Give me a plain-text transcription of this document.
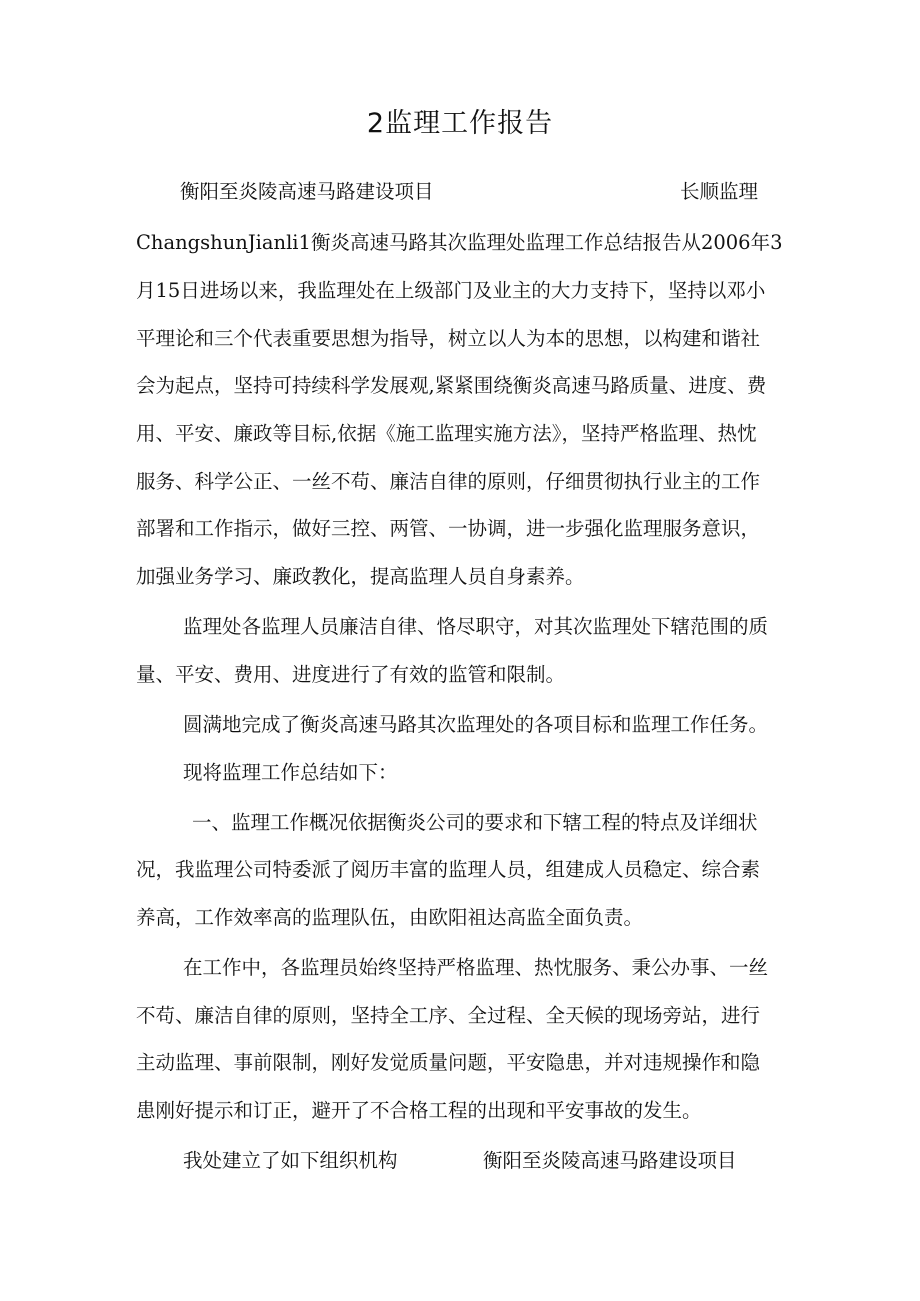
2监理工作报告
衡阳至炎陵高速马路建设项目	长顺监理
ChangshunJianli1衡炎高速马路其次监理处监理工作总结报告从2006年3
月15日进场以来，我监理处在上级部门及业主的大力支持下，坚持以邓小
平理论和三个代表重要思想为指导，树立以人为本的思想，以构建和谐社
会为起点，坚持可持续科学发展观,紧紧围绕衡炎高速马路质量、进度、费
用、平安、廉政等目标,依据《施工监理实施方法》，坚持严格监理、热忱
服务、科学公正、一丝不苟、廉洁自律的原则，仔细贯彻执行业主的工作
部署和工作指示，做好三控、两管、一协调，进一步强化监理服务意识，
加强业务学习、廉政教化，提高监理人员自身素养。
监理处各监理人员廉洁自律、恪尽职守，对其次监理处下辖范围的质
量、平安、费用、进度进行了有效的监管和限制。
圆满地完成了衡炎高速马路其次监理处的各项目标和监理工作任务。
现将监理工作总结如下：
一、监理工作概况依据衡炎公司的要求和下辖工程的特点及详细状
况，我监理公司特委派了阅历丰富的监理人员，组建成人员稳定、综合素
养高，工作效率高的监理队伍，由欧阳祖达高监全面负责。
在工作中，各监理员始终坚持严格监理、热忱服务、秉公办事、一丝
不苟、廉洁自律的原则，坚持全工序、全过程、全天候的现场旁站，进行
主动监理、事前限制，刚好发觉质量问题，平安隐患，并对违规操作和隐
患刚好提示和订正，避开了不合格工程的出现和平安事故的发生。
我处建立了如下组织机构	衡阳至炎陵高速马路建设项目
